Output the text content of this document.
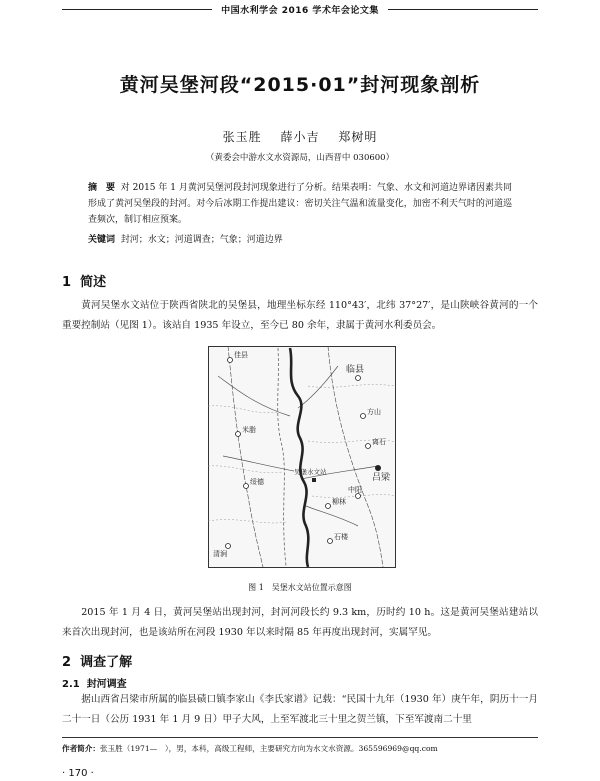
中国水利学会 2016 学术年会论文集
黄河吴堡河段“2015·01”封河现象剖析
张玉胜 薛小吉 郑树明
（黄委会中游水文水资源局，山西晋中 030600）
摘　要 对 2015 年 1 月黄河吴堡河段封河现象进行了分析。结果表明：气象、水文和河道边界诸因素共同形成了黄河吴堡段的封河。对今后冰期工作提出建议：密切关注气温和流量变化，加密不利天气时的河道巡查频次，制订相应预案。
关键词 封河；水文；河道调查；气象；河道边界
1 简述
黄河吴堡水文站位于陕西省陕北的吴堡县，地理坐标东经 110°43′，北纬 37°27′，是山陕峡谷黄河的一个重要控制站（见图 1）。该站自 1935 年设立，至今已 80 余年，隶属于黄河水利委员会。
佳县
临县
米脂
吕梁
吴堡水文站
绥德
柳林
中阳
清涧
石楼
方山
离石
图 1　吴堡水文站位置示意图
2015 年 1 月 4 日，黄河吴堡站出现封河，封河河段长约 9.3 km，历时约 10 h。这是黄河吴堡站建站以来首次出现封河，也是该站所在河段 1930 年以来时隔 85 年再度出现封河，实属罕见。
2 调查了解
2.1 封河调查
据山西省吕梁市所属的临县碛口镇李家山《李氏家谱》记载：“民国十九年（1930 年）庚午年，阴历十一月二十一日（公历 1931 年 1 月 9 日）甲子大风，上至军渡北三十里之贺兰镇，下至军渡南二十里
作者简介：张玉胜（1971—　），男，本科，高级工程师，主要研究方向为水文水资源。365596969@qq.com
· 170 ·
